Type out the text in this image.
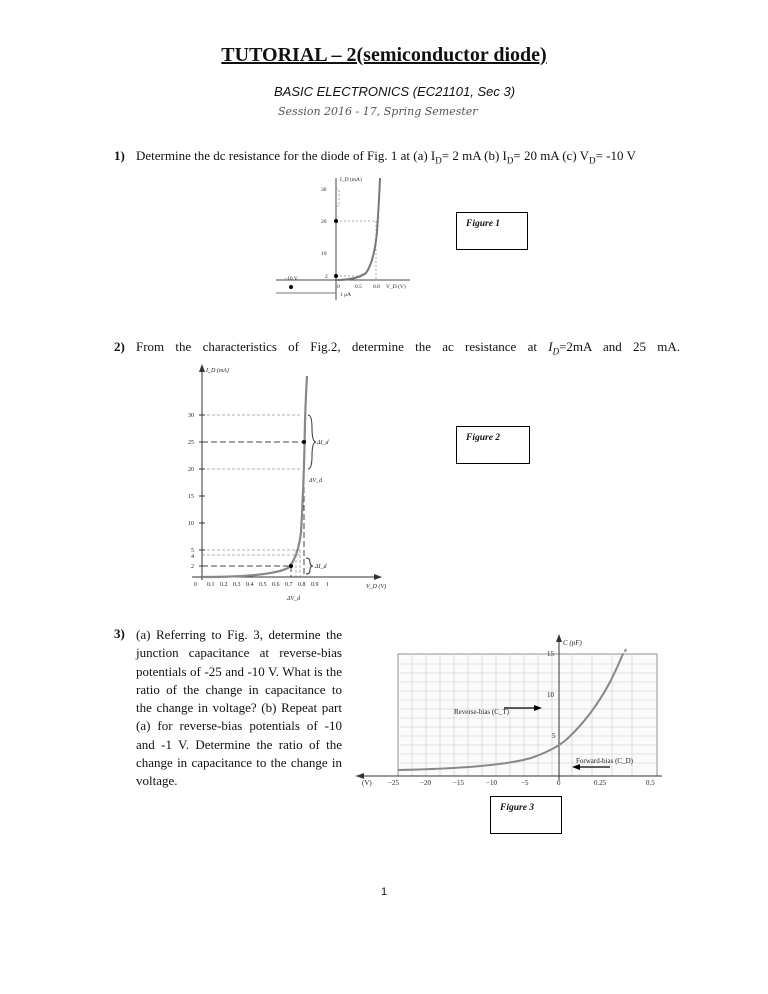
TUTORIAL – 2(semiconductor diode)
BASIC ELECTRONICS (EC21101, Sec 3)
Session 2016 - 17, Spring Semester
1) Determine the dc resistance for the diode of Fig. 1 at (a) $I_D= 2$ mA (b) $I_D= 20$ mA (c) $V_D= -10$ V
I_D (mA)
30
20
10
2
0	0.5 0.8 V_D (V)
−10 V
1 μA
Figure 1
2) From the characteristics of Fig.2, determine the ac resistance at $I_D=2mA$ and 25 mA.
I_D (mA)
30
25
20
15
10
5
4
2
0 0.1 0.2 0.3 0.4 0.5 0.6 0.7 0.8 0.9 1	V_D (V)
ΔI_d
ΔV_d
ΔI_d
ΔV_d
Figure 2
3) (a) Referring to Fig. 3, determine the junction capacitance at reverse-bias potentials of -25 and -10 V. What is the ratio of the change in capacitance to the change in voltage? (b) Repeat part (a) for reverse-bias potentials of -10 and -1 V. Determine the ratio of the change in capacitance to the change in voltage.
C (pF)
15
10
5
(V) −25	−20	−15	−10	−5	0	0.25	0.5
Reverse-bias (C_T)
Forward-bias (C_D)
Figure 3
1
